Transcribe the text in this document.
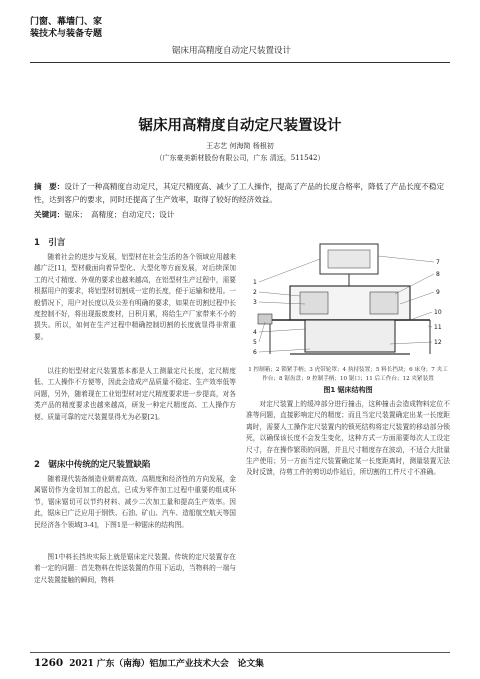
门窗、幕墙门、家
装技术与装备专题
锯床用高精度自动定尺装置设计
锯床用高精度自动定尺装置设计
王志艺 何海简 杨根初
（广东豪美新材股份有限公司，广东 清远，511542）
摘　要：设计了一种高精度自动定尺，其定尺精度高、减少了工人操作，提高了产品的长度合格率，降低了产品长度不稳定性，达到客户的要求，同时还提高了生产效率，取得了较好的经济效益。
关键词：锯床；　高精度；自动定尺；设计
1　引言
随着社会的进步与发展，铝型材在社会生活的各个领域应用越来越广泛[1]，型材截面向着异型化、大型化等方面发展，对后续深加工的尺寸精度、外观的要求也越来越高，在铝型材生产过程中，需要根据用户的要求，将铝型材切割成一定的长度，便于运输和使用。一般情况下，用户对长度以及公差有明确的要求，如果在切割过程中长度控制不好，将出现报废废材，日积月累，将给生产厂家带来不小的损失。所以，如何在生产过程中精确控制切割的长度就显得非常重要。
以往的铝型材定尺装置基本都是人工测量定尺长度，定尺精度低、工人操作不方便等，因此会造成产品质量不稳定、生产效率低等问题，另外，随着现在工业铝型材对定尺精度要求进一步提高，对各类产品的精度要求也越来越高，研发一种定尺精度高、工人操作方便、质量可靠的定尺装置显得尤为必要[2]。
2　锯床中传统的定尺装置缺陷
随着现代装备制造业朝着高效、高精度和经济性的方向发展，金属锯切作为金切加工的起点，已成为零件加工过程中重要的组成环节，锯床锯切可以节约材料、减少二次加工量和提高生产效率。因此，锯床已广泛应用于钢铁、石油、矿山、汽车、造船航空航天等国民经济各个领域[3-4]，下图1是一种锯床的结构图。
图1中料长挡块实际上就是锯床定尺装置。传统的定尺装置存在着一定的问题：首先物料在传送装置的作用下运动，当物料的一端与定尺装置接触的瞬间，物料
1
2
3
4
5
6
7
8
9
10
11
12
1 控制箱；2 锁紧手柄；3 虎带轮罩；4 执持装置；5 料长挡块；6 床身；7 夹工作台；8 锯齿盘；9 控制手柄；10 锯口；11 后工作台；12 夹紧装置
图1 锯床结构图
对定尺装置上的缓冲部分进行撞击，这种撞击会造成物料定位不准等问题，直接影响定尺的精度；而且当定尺装置确定出某一长度距离时，需要人工操作定尺装置内的锁死结构将定尺装置的移动部分锁死，以确保该长度不会发生变化，这种方式一方面需要每次人工设定尺寸，存在操作繁琐的问题，并且尺寸精度存在波动，不适合大批量生产使用；另一方面当定尺装置确定某一长度距离时，测量装置无法及时反馈，待剪工件的剪切动作延后，所切割的工件尺寸不准确。
1260 2021 广东（南海）铝加工产业技术大会　论文集
